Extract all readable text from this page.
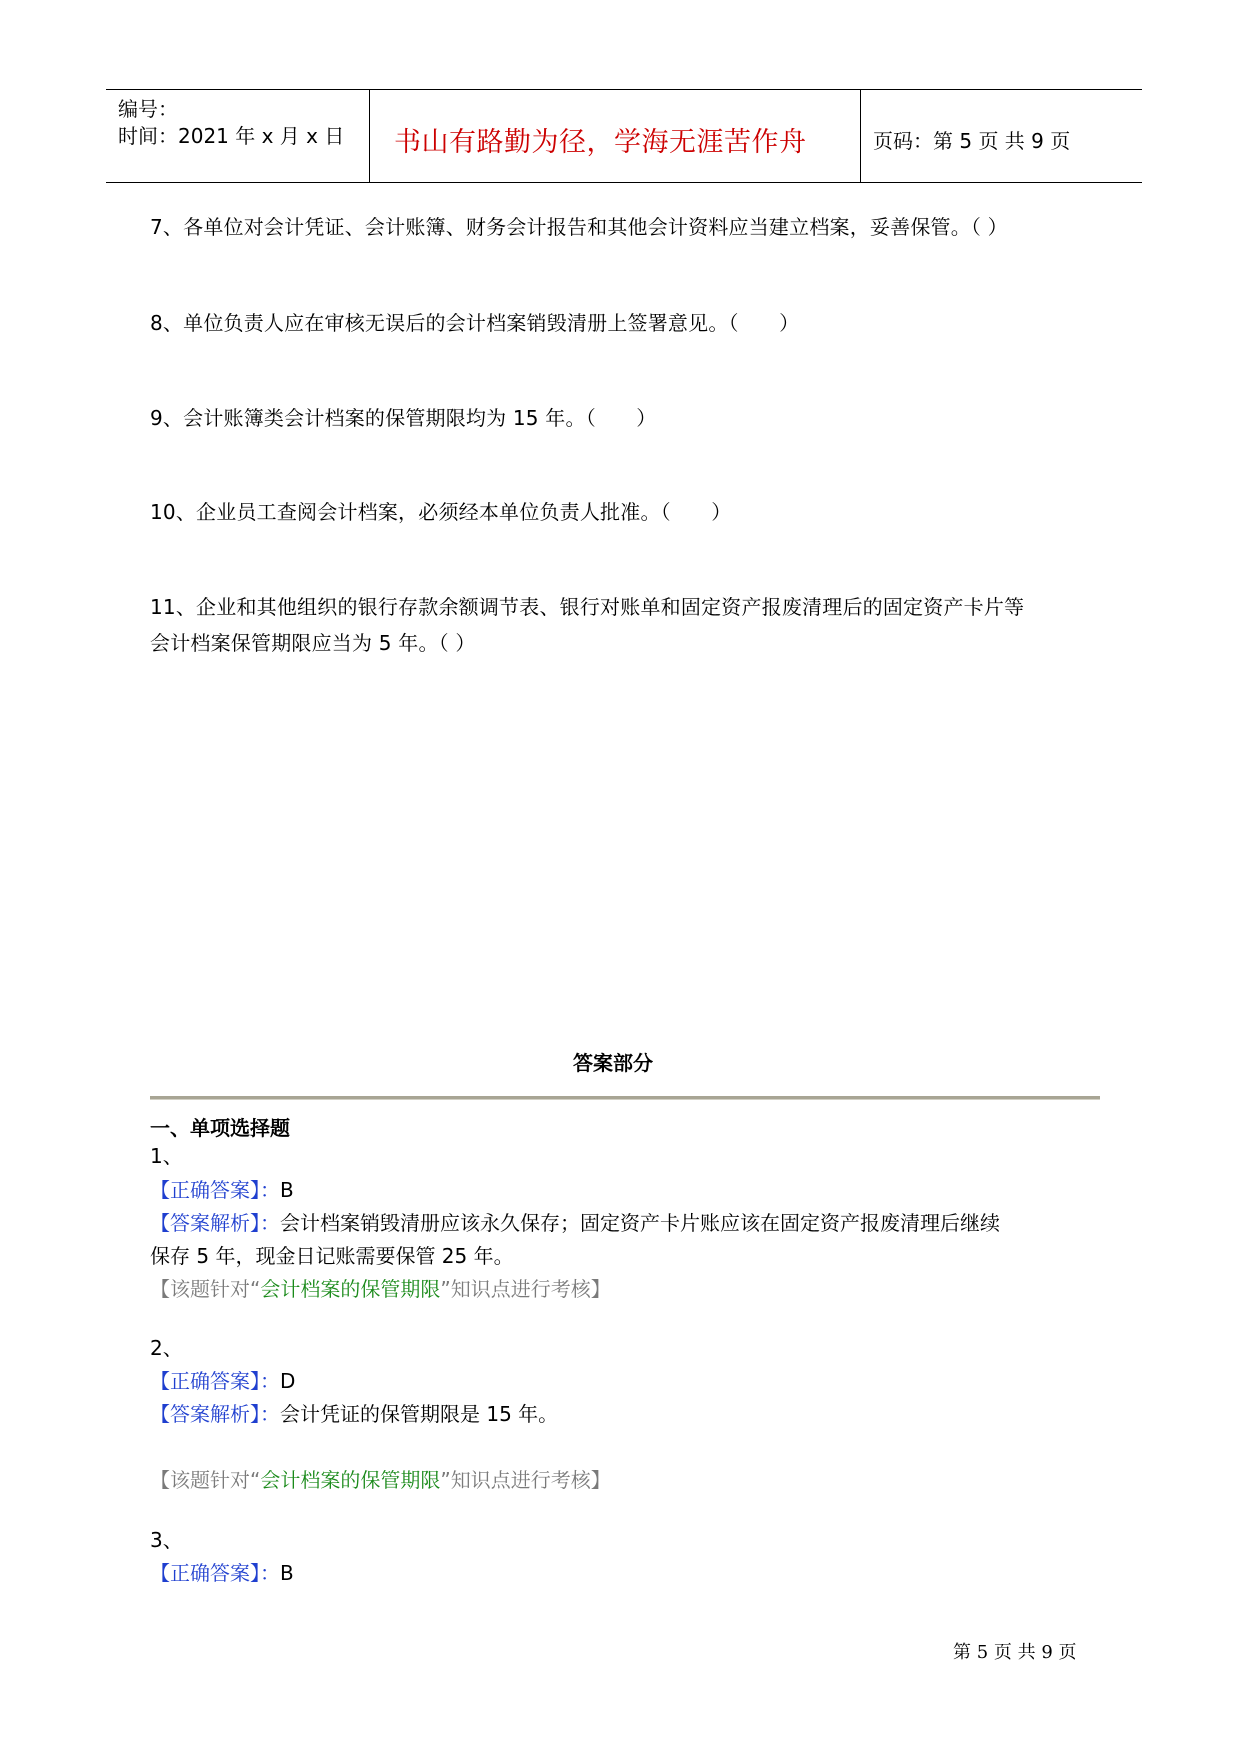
编号：
时间：2021 年 x 月 x 日 书山有路勤为径，学海无涯苦作舟	页码：第 5 页 共 9 页
7、各单位对会计凭证、会计账簿、财务会计报告和其他会计资料应当建立档案，妥善保管。（ ）
8、单位负责人应在审核无误后的会计档案销毁清册上签署意见。（　　）
9、会计账簿类会计档案的保管期限均为 15 年。（　　）
10、企业员工查阅会计档案，必须经本单位负责人批准。（　　）
11、企业和其他组织的银行存款余额调节表、银行对账单和固定资产报废清理后的固定资产卡片等
会计档案保管期限应当为 5 年。（ ）
答案部分
一、单项选择题
1、
【正确答案】：B
【答案解析】：会计档案销毁清册应该永久保存；固定资产卡片账应该在固定资产报废清理后继续
保存 5 年，现金日记账需要保管 25 年。
【该题针对“会计档案的保管期限”知识点进行考核】
2、
【正确答案】：D
【答案解析】：会计凭证的保管期限是 15 年。
【该题针对“会计档案的保管期限”知识点进行考核】
3、
【正确答案】：B
第 5 页 共 9 页
